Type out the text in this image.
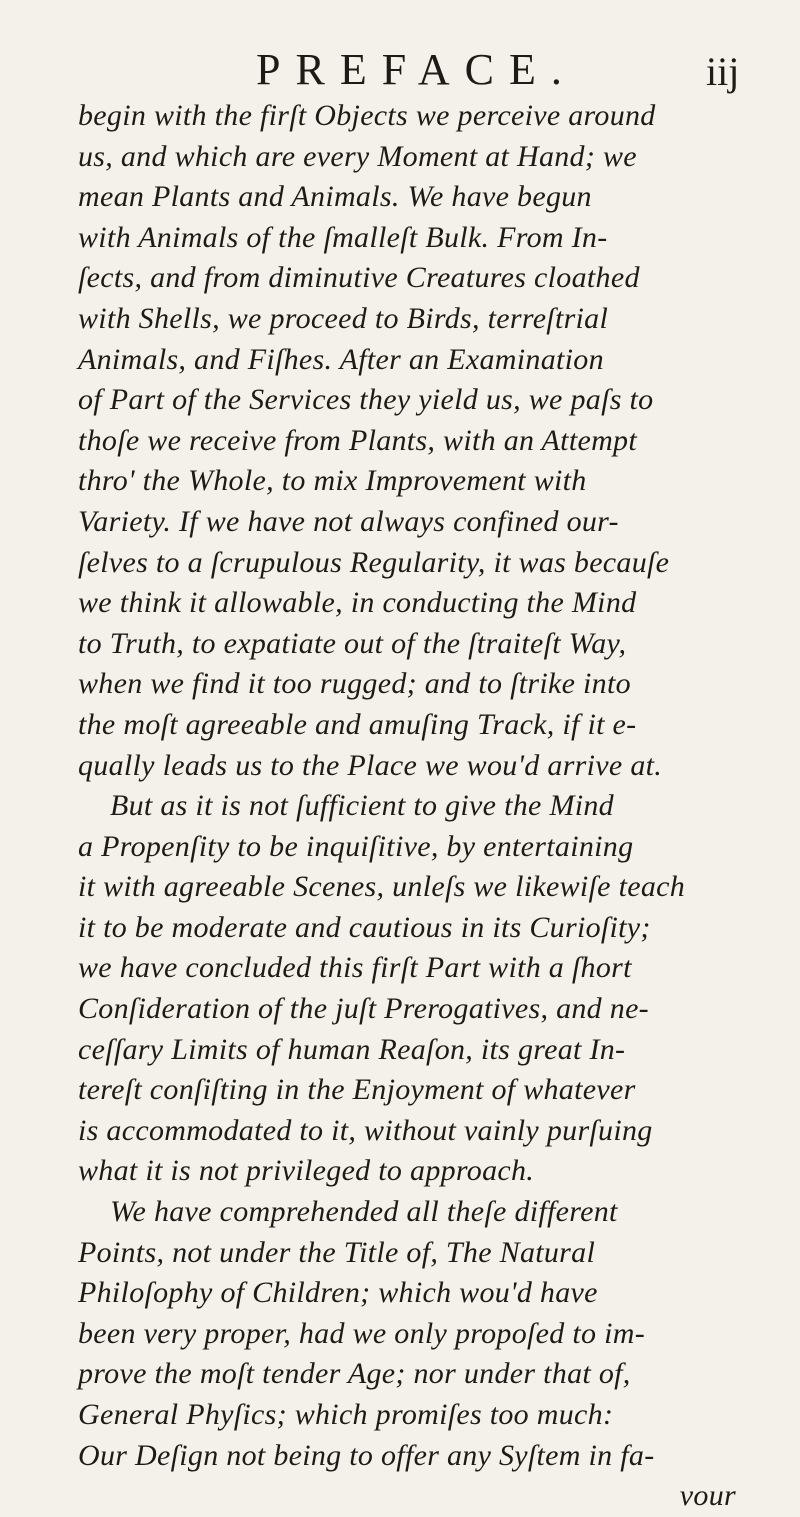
PREFACE.	iij
begin with the firſt Objects we perceive around
us, and which are every Moment at Hand; we
mean Plants and Animals. We have begun
with Animals of the ſmalleſt Bulk. From In-
ſects, and from diminutive Creatures cloathed
with Shells, we proceed to Birds, terreſtrial
Animals, and Fiſhes. After an Examination
of Part of the Services they yield us, we paſs to
thoſe we receive from Plants, with an Attempt
thro' the Whole, to mix Improvement with
Variety. If we have not always confined our-
ſelves to a ſcrupulous Regularity, it was becauſe
we think it allowable, in conducting the Mind
to Truth, to expatiate out of the ſtraiteſt Way,
when we find it too rugged; and to ſtrike into
the moſt agreeable and amuſing Track, if it e-
qually leads us to the Place we wou'd arrive at.
But as it is not ſufficient to give the Mind
a Propenſity to be inquiſitive, by entertaining
it with agreeable Scenes, unleſs we likewiſe teach
it to be moderate and cautious in its Curioſity;
we have concluded this firſt Part with a ſhort
Conſideration of the juſt Prerogatives, and ne-
ceſſary Limits of human Reaſon, its great In-
tereſt conſiſting in the Enjoyment of whatever
is accommodated to it, without vainly purſuing
what it is not privileged to approach.
We have comprehended all theſe different
Points, not under the Title of, The Natural
Philoſophy of Children; which wou'd have
been very proper, had we only propoſed to im-
prove the moſt tender Age; nor under that of,
General Phyſics; which promiſes too much:
Our Deſign not being to offer any Syſtem in fa-
vour
